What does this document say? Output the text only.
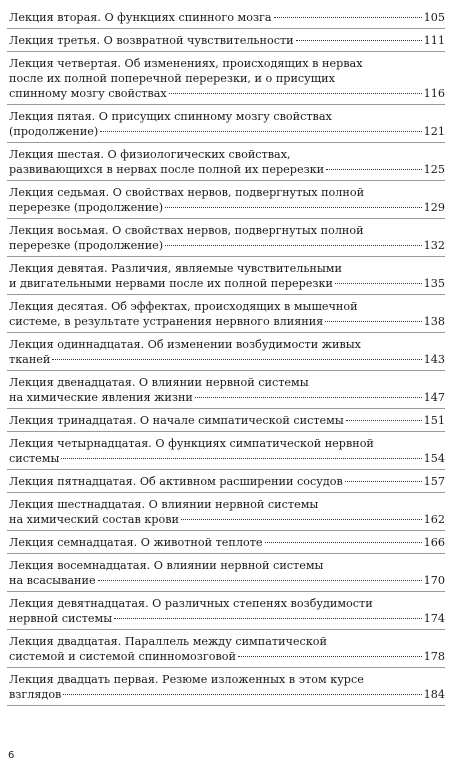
Лекция вторая. О функциях спинного мозга	105
Лекция третья. О возвратной чувствительности	111
Лекция четвертая. Об изменениях, происходящих в нервах
после их полной поперечной перерезки, и о присущих
спинному мозгу свойствах	116
Лекция пятая. О присущих спинному мозгу свойствах
(продолжение)	121
Лекция шестая. О физиологических свойствах,
развивающихся в нервах после полной их перерезки	125
Лекция седьмая. О свойствах нервов, подвергнутых полной
перерезке (продолжение)	129
Лекция восьмая. О свойствах нервов, подвергнутых полной
перерезке (продолжение)	132
Лекция девятая. Различия, являемые чувствительными
и двигательными нервами после их полной перерезки	135
Лекция десятая. Об эффектах, происходящих в мышечной
системе, в результате устранения нервного влияния	138
Лекция одиннадцатая. Об изменении возбудимости живых
тканей	143
Лекция двенадцатая. О влиянии нервной системы
на химические явления жизни	147
Лекция тринадцатая. О начале симпатической системы	151
Лекция четырнадцатая. О функциях симпатической нервной
системы	154
Лекция пятнадцатая. Об активном расширении сосудов	157
Лекция шестнадцатая. О влиянии нервной системы
на химический состав крови	162
Лекция семнадцатая. О животной теплоте	166
Лекция восемнадцатая. О влиянии нервной системы
на всасывание	170
Лекция девятнадцатая. О различных степенях возбудимости
нервной системы	174
Лекция двадцатая. Параллель между симпатической
системой и системой спинномозговой	178
Лекция двадцать первая. Резюме изложенных в этом курсе
взглядов	184
6
